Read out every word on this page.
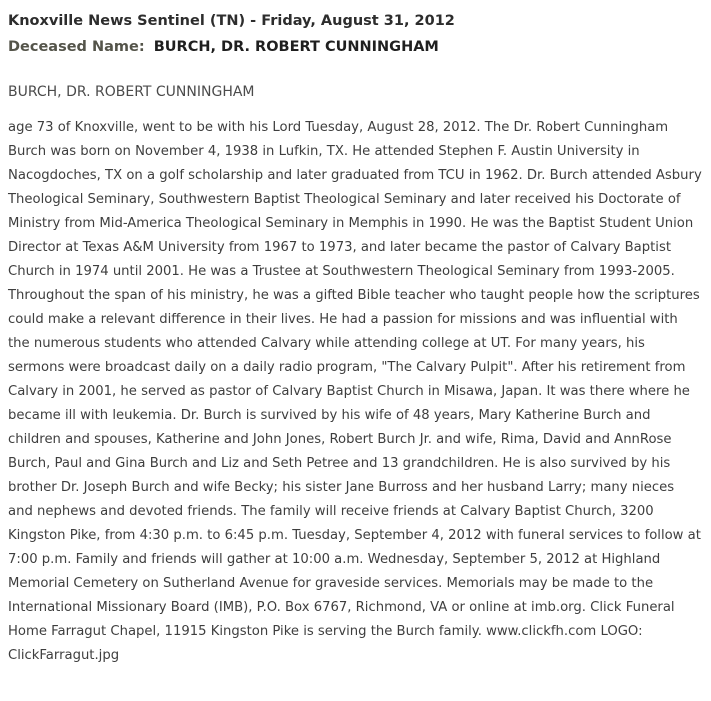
Knoxville News Sentinel (TN) - Friday, August 31, 2012
Deceased Name: BURCH, DR. ROBERT CUNNINGHAM
BURCH, DR. ROBERT CUNNINGHAM
age 73 of Knoxville, went to be with his Lord Tuesday, August 28, 2012. The Dr. Robert Cunningham Burch was born on November 4, 1938 in Lufkin, TX. He attended Stephen F. Austin University in Nacogdoches, TX on a golf scholarship and later graduated from TCU in 1962. Dr. Burch attended Asbury Theological Seminary, Southwestern Baptist Theological Seminary and later received his Doctorate of Ministry from Mid-America Theological Seminary in Memphis in 1990. He was the Baptist Student Union Director at Texas A&M University from 1967 to 1973, and later became the pastor of Calvary Baptist Church in 1974 until 2001. He was a Trustee at Southwestern Theological Seminary from 1993-2005. Throughout the span of his ministry, he was a gifted Bible teacher who taught people how the scriptures could make a relevant difference in their lives. He had a passion for missions and was influential with the numerous students who attended Calvary while attending college at UT. For many years, his sermons were broadcast daily on a daily radio program, "The Calvary Pulpit". After his retirement from Calvary in 2001, he served as pastor of Calvary Baptist Church in Misawa, Japan. It was there where he became ill with leukemia. Dr. Burch is survived by his wife of 48 years, Mary Katherine Burch and children and spouses, Katherine and John Jones, Robert Burch Jr. and wife, Rima, David and AnnRose Burch, Paul and Gina Burch and Liz and Seth Petree and 13 grandchildren. He is also survived by his brother Dr. Joseph Burch and wife Becky; his sister Jane Burross and her husband Larry; many nieces and nephews and devoted friends. The family will receive friends at Calvary Baptist Church, 3200 Kingston Pike, from 4:30 p.m. to 6:45 p.m. Tuesday, September 4, 2012 with funeral services to follow at 7:00 p.m. Family and friends will gather at 10:00 a.m. Wednesday, September 5, 2012 at Highland Memorial Cemetery on Sutherland Avenue for graveside services. Memorials may be made to the International Missionary Board (IMB), P.O. Box 6767, Richmond, VA or online at imb.org. Click Funeral Home Farragut Chapel, 11915 Kingston Pike is serving the Burch family. www.clickfh.com LOGO: ClickFarragut.jpg
